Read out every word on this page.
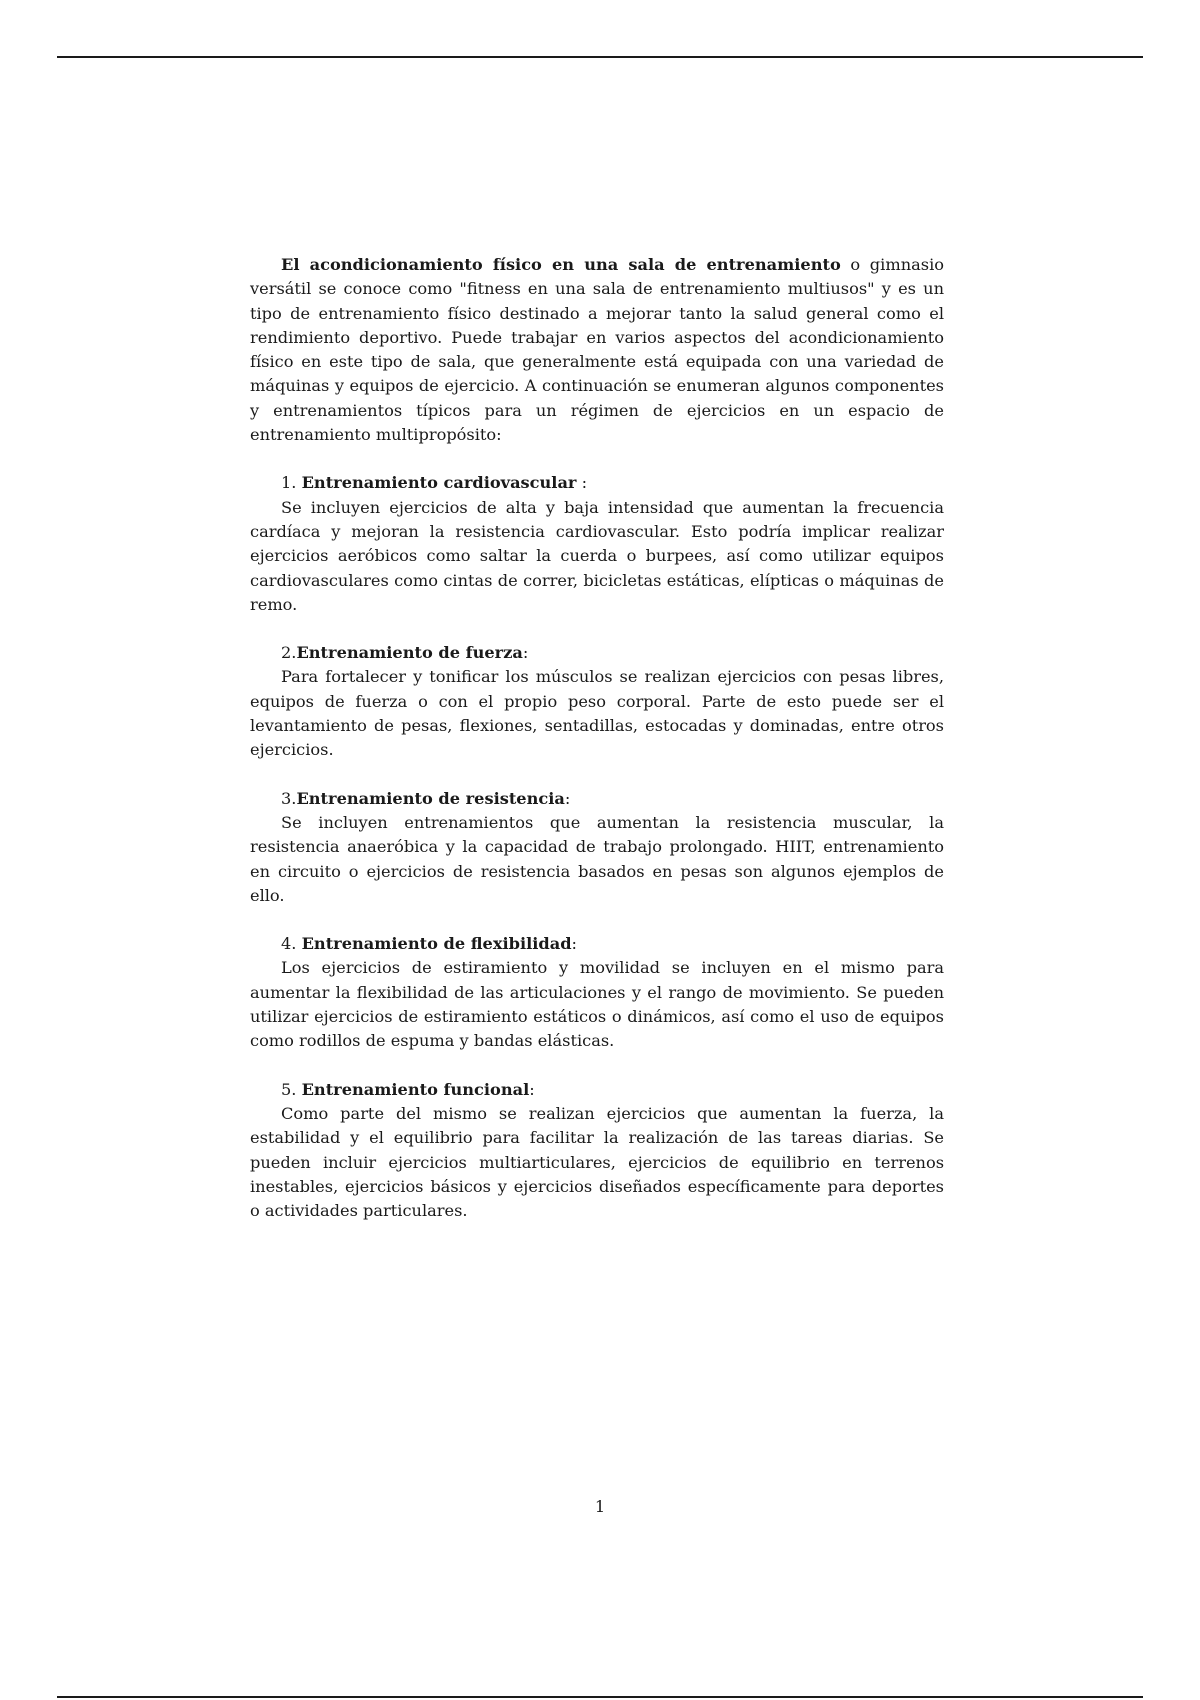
El acondicionamiento físico en una sala de entrenamiento o gimnasio versátil se conoce como "fitness en una sala de entrenamiento multiusos" y es un tipo de entrenamiento físico destinado a mejorar tanto la salud general como el rendimiento deportivo. Puede trabajar en varios aspectos del acondicionamiento físico en este tipo de sala, que generalmente está equipada con una variedad de máquinas y equipos de ejercicio. A continuación se enumeran algunos componentes y entrenamientos típicos para un régimen de ejercicios en un espacio de entrenamiento multipropósito:

1. Entrenamiento cardiovascular :

Se incluyen ejercicios de alta y baja intensidad que aumentan la frecuencia cardíaca y mejoran la resistencia cardiovascular. Esto podría implicar realizar ejercicios aeróbicos como saltar la cuerda o burpees, así como utilizar equipos cardiovasculares como cintas de correr, bicicletas estáticas, elípticas o máquinas de remo.

2.Entrenamiento de fuerza:

Para fortalecer y tonificar los músculos se realizan ejercicios con pesas libres, equipos de fuerza o con el propio peso corporal. Parte de esto puede ser el levantamiento de pesas, flexiones, sentadillas, estocadas y dominadas, entre otros ejercicios.

3.Entrenamiento de resistencia:

Se incluyen entrenamientos que aumentan la resistencia muscular, la resistencia anaeróbica y la capacidad de trabajo prolongado. HIIT, entrenamiento en circuito o ejercicios de resistencia basados en pesas son algunos ejemplos de ello.

4. Entrenamiento de flexibilidad:

Los ejercicios de estiramiento y movilidad se incluyen en el mismo para aumentar la flexibilidad de las articulaciones y el rango de movimiento. Se pueden utilizar ejercicios de estiramiento estáticos o dinámicos, así como el uso de equipos como rodillos de espuma y bandas elásticas.

5. Entrenamiento funcional:

Como parte del mismo se realizan ejercicios que aumentan la fuerza, la estabilidad y el equilibrio para facilitar la realización de las tareas diarias. Se pueden incluir ejercicios multiarticulares, ejercicios de equilibrio en terrenos inestables, ejercicios básicos y ejercicios diseñados específicamente para deportes o actividades particulares.

1
